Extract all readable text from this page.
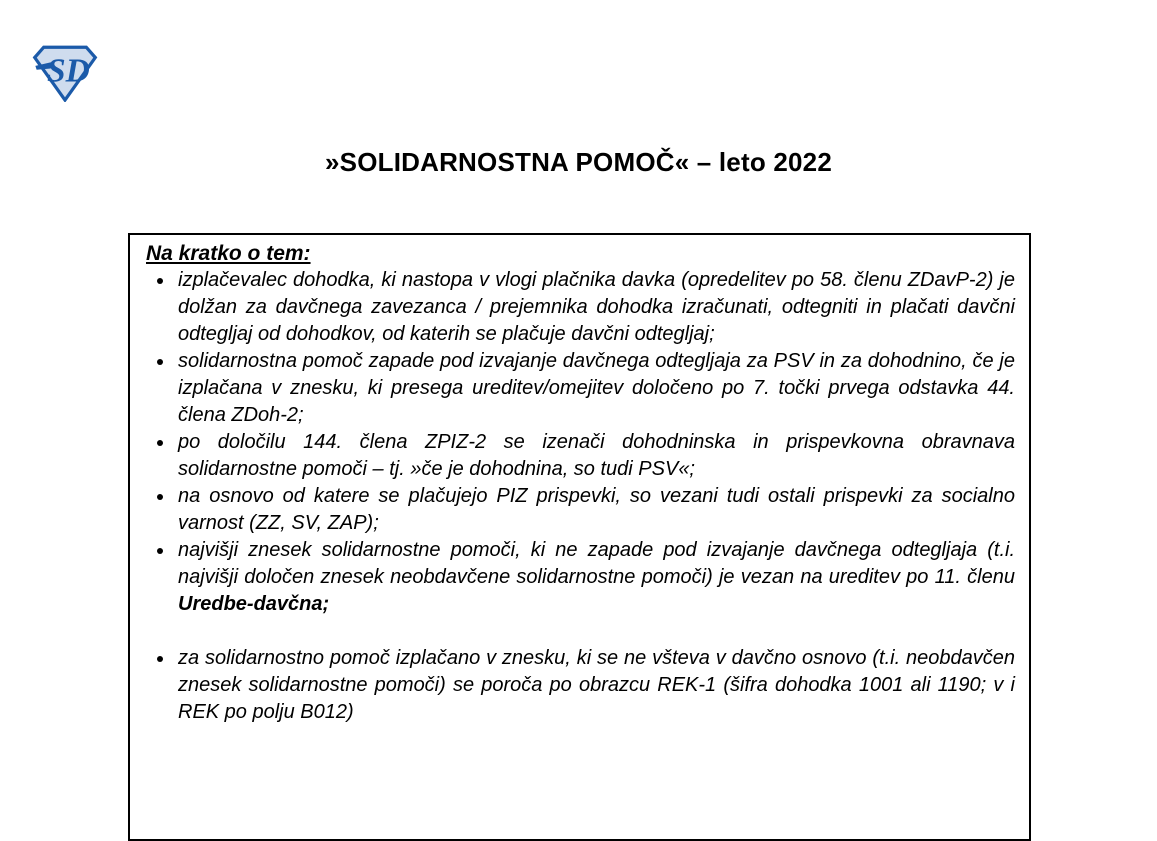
SD
»SOLIDARNOSTNA POMOČ« – leto 2022
Na kratko o tem:
• izplačevalec dohodka, ki nastopa v vlogi plačnika davka (opredelitev po 58. členu ZDavP-2) je dolžan za davčnega zavezanca / prejemnika dohodka izračunati, odtegniti in plačati davčni odtegljaj od dohodkov, od katerih se plačuje davčni odtegljaj;
• solidarnostna pomoč zapade pod izvajanje davčnega odtegljaja za PSV in za dohodnino, če je izplačana v znesku, ki presega ureditev/omejitev določeno po 7. točki prvega odstavka 44. člena ZDoh-2;
• po določilu 144. člena ZPIZ-2 se izenači dohodninska in prispevkovna obravnava solidarnostne pomoči – tj. »če je dohodnina, so tudi PSV«;
• na osnovo od katere se plačujejo PIZ prispevki, so vezani tudi ostali prispevki za socialno varnost (ZZ, SV, ZAP);
• najvišji znesek solidarnostne pomoči, ki ne zapade pod izvajanje davčnega odtegljaja (t.i. najvišji določen znesek neobdavčene solidarnostne pomoči) je vezan na ureditev po 11. členu Uredbe-davčna;
• za solidarnostno pomoč izplačano v znesku, ki se ne všteva v davčno osnovo (t.i. neobdavčen znesek solidarnostne pomoči) se poroča po obrazcu REK-1 (šifra dohodka 1001 ali 1190; v i REK po polju B012)
